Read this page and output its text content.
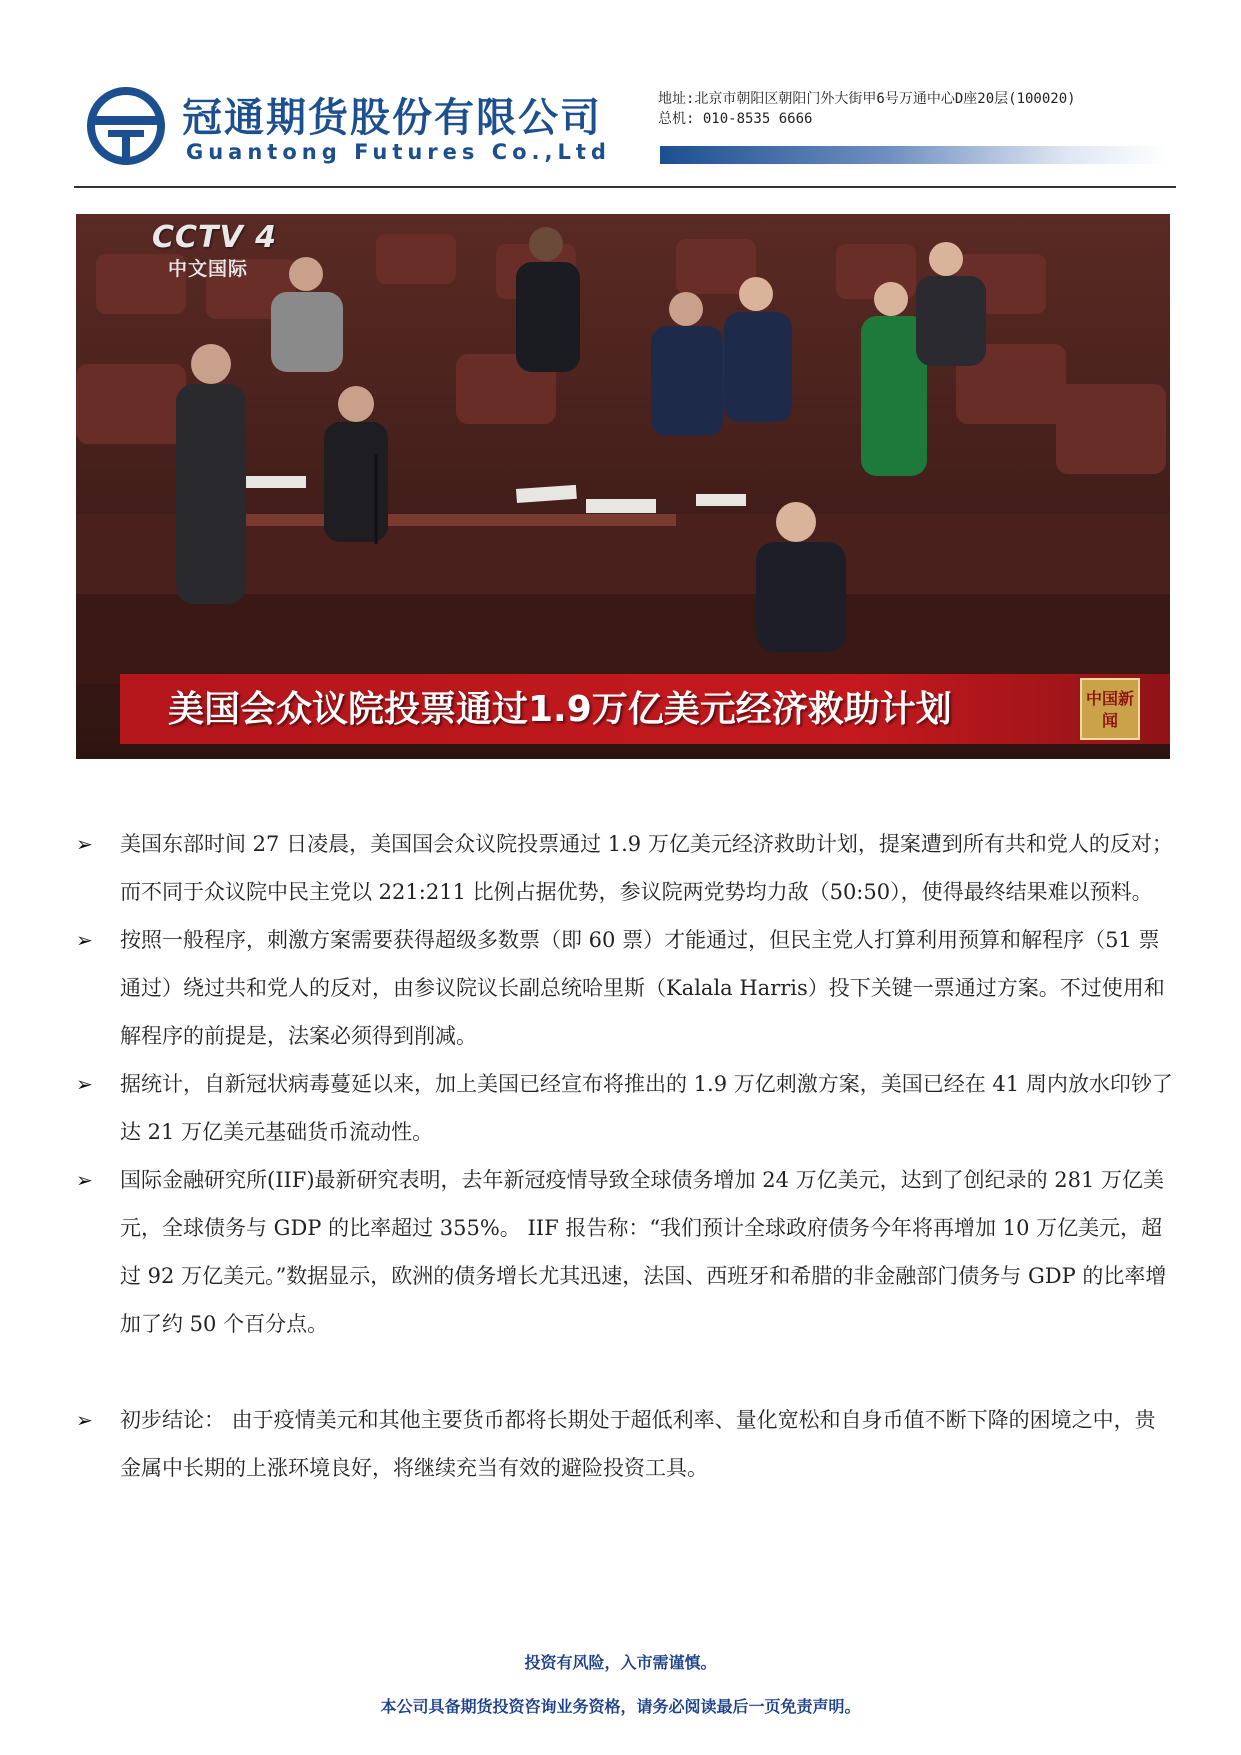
冠通期货股份有限公司
Guantong Futures Co.,Ltd
地址:北京市朝阳区朝阳门外大街甲6号万通中心D座20层(100020)
总机: 010-8535 6666
CCTV 4
中文国际
美国会众议院投票通过1.9万亿美元经济救助计划	中国新闻
➢ 美国东部时间 27 日凌晨，美国国会众议院投票通过 1.9 万亿美元经济救助计划，提案遭到所有共和党人的反对；而不同于众议院中民主党以 221:211 比例占据优势，参议院两党势均力敌（50:50），使得最终结果难以预料。
➢ 按照一般程序，刺激方案需要获得超级多数票（即 60 票）才能通过，但民主党人打算利用预算和解程序（51 票通过）绕过共和党人的反对，由参议院议长副总统哈里斯（Kalala Harris）投下关键一票通过方案。不过使用和解程序的前提是，法案必须得到削减。
➢ 据统计，自新冠状病毒蔓延以来，加上美国已经宣布将推出的 1.9 万亿刺激方案，美国已经在 41 周内放水印钞了达 21 万亿美元基础货币流动性。
➢ 国际金融研究所(IIF)最新研究表明，去年新冠疫情导致全球债务增加 24 万亿美元，达到了创纪录的 281 万亿美元，全球债务与 GDP 的比率超过 355%。 IIF 报告称：“我们预计全球政府债务今年将再增加 10 万亿美元，超过 92 万亿美元。”数据显示，欧洲的债务增长尤其迅速，法国、西班牙和希腊的非金融部门债务与 GDP 的比率增加了约 50 个百分点。
➢ 初步结论： 由于疫情美元和其他主要货币都将长期处于超低利率、量化宽松和自身币值不断下降的困境之中，贵金属中长期的上涨环境良好，将继续充当有效的避险投资工具。
投资有风险，入市需谨慎。
本公司具备期货投资咨询业务资格，请务必阅读最后一页免责声明。
